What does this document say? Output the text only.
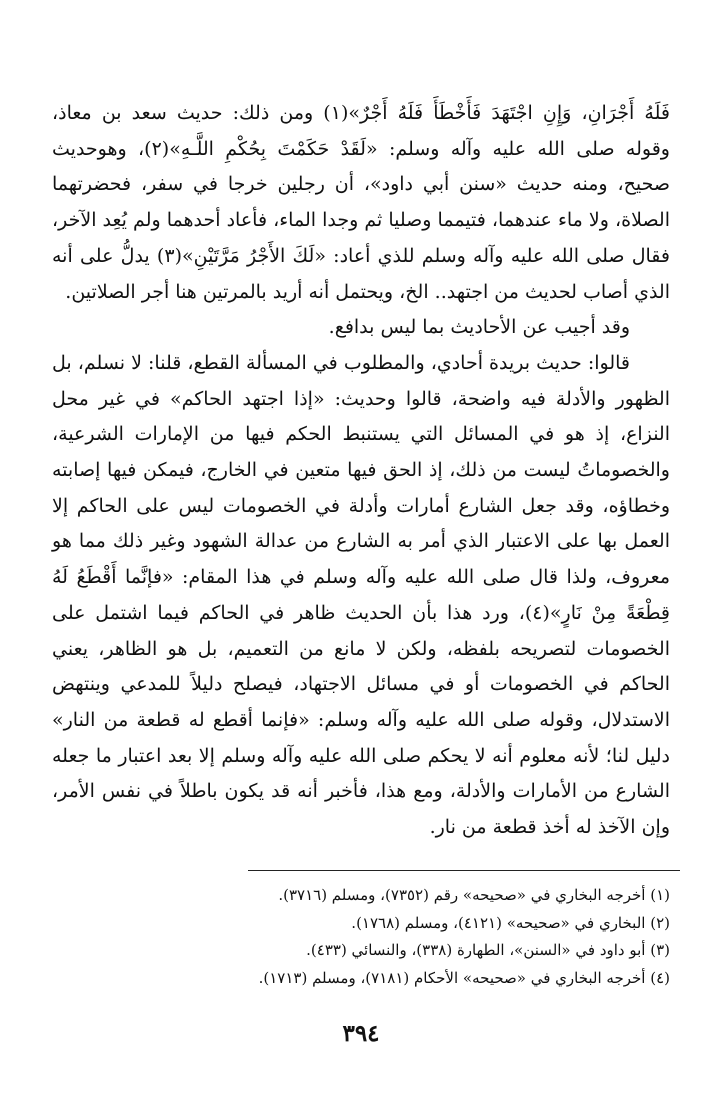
فَلَهُ أَجْرَانِ، وَإِنِ اجْتَهَدَ فَأَخْطَأَ فَلَهُ أَجْرٌ»(١) ومن ذلك: حديث سعد بن معاذ، وقوله صلى الله عليه وآله وسلم: «لَقَدْ حَكَمْتَ بِحُكْمِ اللَّـهِ»(٢)، وهوحديث صحيح، ومنه حديث «سنن أبي داود»، أن رجلين خرجا في سفر، فحضرتهما الصلاة، ولا ماء عندهما، فتيمما وصليا ثم وجدا الماء، فأعاد أحدهما ولم يُعِد الآخر، فقال صلى الله عليه وآله وسلم للذي أعاد: «لَكَ الأَجْرُ مَرَّتَيْنِ»(٣) يدلُّ على أنه الذي أصاب لحديث من اجتهد.. الخ، ويحتمل أنه أريد بالمرتين هنا أجر الصلاتين.

وقد أجيب عن الأحاديث بما ليس بدافع.

قالوا: حديث بريدة أحادي، والمطلوب في المسألة القطع، قلنا: لا نسلم، بل الظهور والأدلة فيه واضحة، قالوا وحديث: «إذا اجتهد الحاكم» في غير محل النزاع، إذ هو في المسائل التي يستنبط الحكم فيها من الإمارات الشرعية، والخصوماتُ ليست من ذلك، إذ الحق فيها متعين في الخارج، فيمكن فيها إصابته وخطاؤه، وقد جعل الشارع أمارات وأدلة في الخصومات ليس على الحاكم إلا العمل بها على الاعتبار الذي أمر به الشارع من عدالة الشهود وغير ذلك مما هو معروف، ولذا قال صلى الله عليه وآله وسلم في هذا المقام: «فإنَّما أَقْطَعُ لَهُ قِطْعَةً مِنْ نَارٍ»(٤)، ورد هذا بأن الحديث ظاهر في الحاكم فيما اشتمل على الخصومات لتصريحه بلفظه، ولكن لا مانع من التعميم، بل هو الظاهر، يعني الحاكم في الخصومات أو في مسائل الاجتهاد، فيصلح دليلاً للمدعي وينتهض الاستدلال، وقوله صلى الله عليه وآله وسلم: «فإنما أقطع له قطعة من النار» دليل لنا؛ لأنه معلوم أنه لا يحكم صلى الله عليه وآله وسلم إلا بعد اعتبار ما جعله الشارع من الأمارات والأدلة، ومع هذا، فأخبر أنه قد يكون باطلاً في نفس الأمر، وإن الآخذ له أخذ قطعة من نار.

(١) أخرجه البخاري في «صحيحه» رقم (٧٣٥٢)، ومسلم (٣٧١٦).
(٢) البخاري في «صحيحه» (٤١٢١)، ومسلم (١٧٦٨).
(٣) أبو داود في «السنن»، الطهارة (٣٣٨)، والنسائي (٤٣٣).
(٤) أخرجه البخاري في «صحيحه» الأحكام (٧١٨١)، ومسلم (١٧١٣).
٣٩٤
